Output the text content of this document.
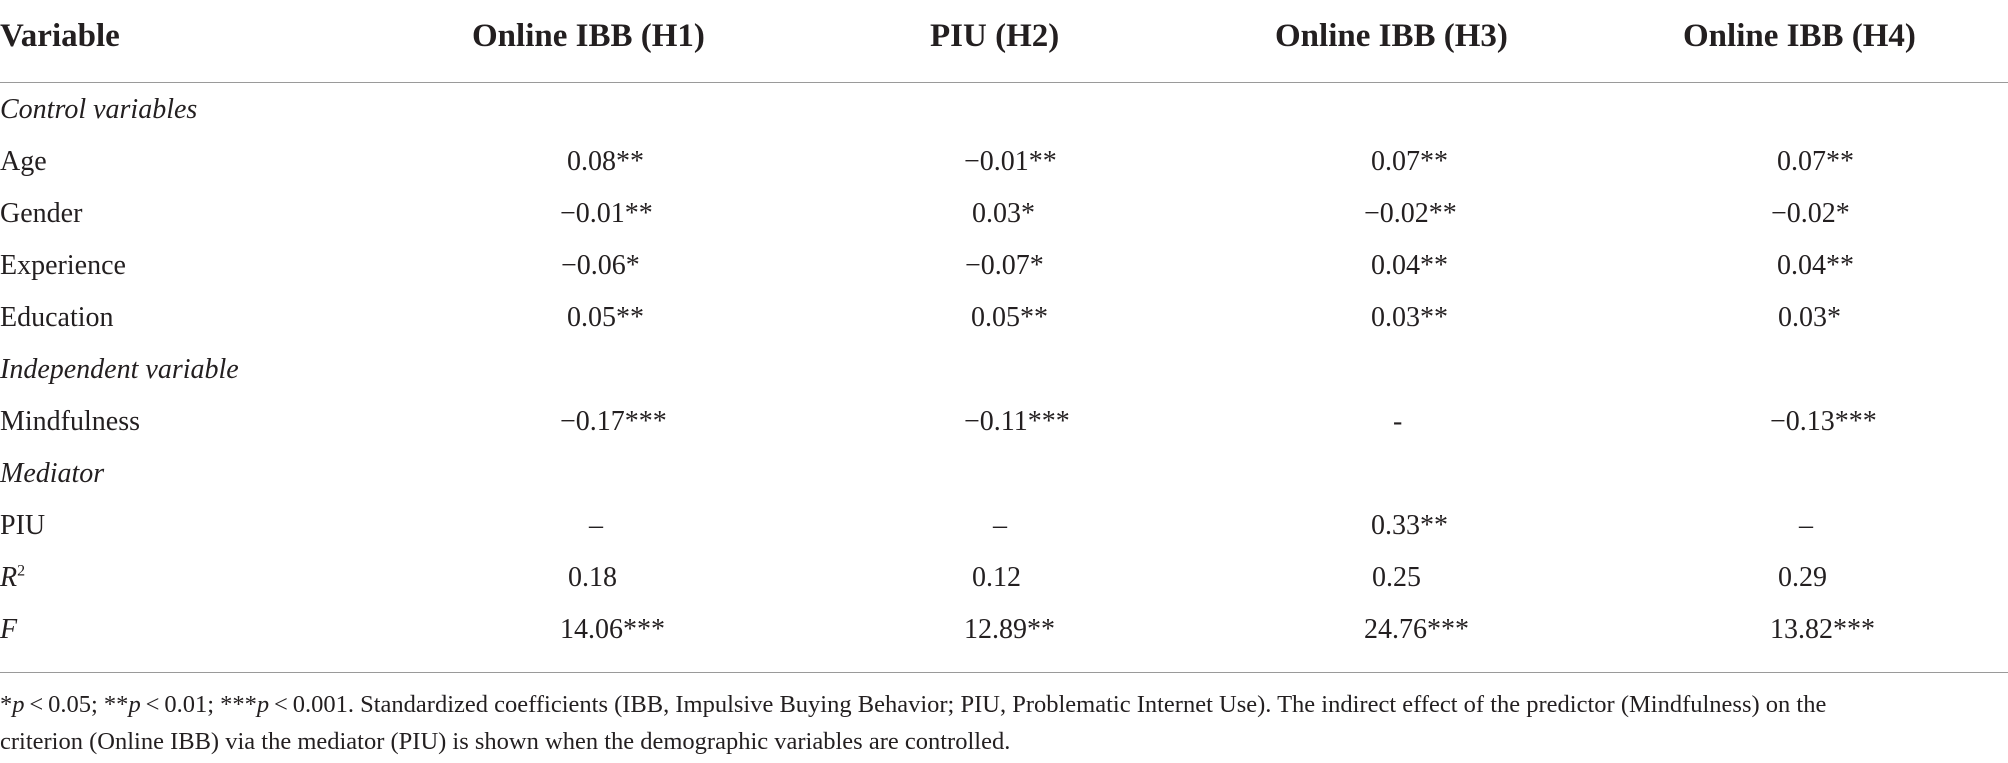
Variable	Online IBB (H1)	PIU (H2)	Online IBB (H3)	Online IBB (H4)
Control variables
Age	0.08**	−0.01**	0.07**	0.07**
Gender	−0.01**	0.03*	−0.02**	−0.02*
Experience	−0.06*	−0.07*	0.04**	0.04**
Education	0.05**	0.05**	0.03**	0.03*
Independent variable
Mindfulness	−0.17***	−0.11***	-	−0.13***
Mediator
PIU	–	–	0.33**	–
$R^2$	0.18	0.12	0.25	0.29
F	14.06***	12.89**	24.76***	13.82***
*p < 0.05; **p < 0.01; ***p < 0.001. Standardized coefficients (IBB, Impulsive Buying Behavior; PIU, Problematic Internet Use). The indirect effect of the predictor (Mindfulness) on the
criterion (Online IBB) via the mediator (PIU) is shown when the demographic variables are controlled.
